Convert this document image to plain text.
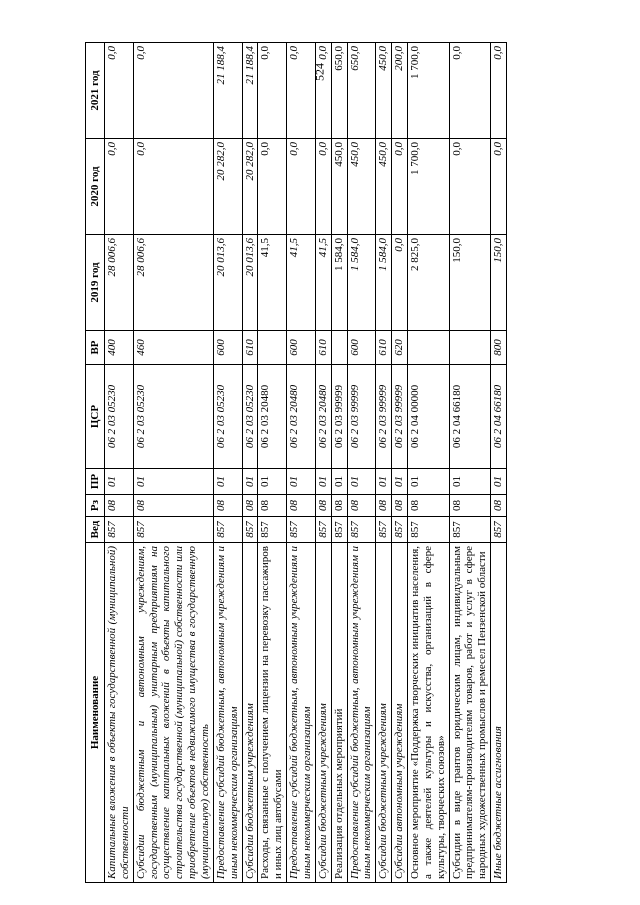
524
Наименование	Вед	Рз	ПР	ЦСР	ВР	2019 год	2020 год	2021 год
Капитальные вложения в объекты государственной (муниципальной) собственности	857	08	01	06 2 03 05230	400	28 006,6	0,0	0,0
Субсидии бюджетным и автономным учреждениям, государственным (муниципальным) унитарным предприятиям на осуществление капитальных вложений в объекты капитального строительства государственной (муниципальной) собственности или приобретение объектов недвижимого имущества в государственную (муниципальную) собственность	857	08	01	06 2 03 05230	460	28 006,6	0,0	0,0
Предоставление субсидий бюджетным, автономным учреждениям и иным некоммерческим организациям	857	08	01	06 2 03 05230	600	20 013,6	20 282,0	21 188,4
Субсидии бюджетным учреждениям	857	08	01	06 2 03 05230	610	20 013,6	20 282,0	21 188,4
Расходы, связанные с получением лицензии на перевозку пассажиров и иных лиц автобусами	857	08	01	06 2 03 20480		41,5	0,0	0,0
Предоставление субсидий бюджетным, автономным учреждениям и иным некоммерческим организациям	857	08	01	06 2 03 20480	600	41,5	0,0	0,0
Субсидии бюджетным учреждениям	857	08	01	06 2 03 20480	610	41,5	0,0	0,0
Реализация отдельных мероприятий	857	08	01	06 2 03 99999		1 584,0	450,0	650,0
Предоставление субсидий бюджетным, автономным учреждениям и иным некоммерческим организациям	857	08	01	06 2 03 99999	600	1 584,0	450,0	650,0
Субсидии бюджетным учреждениям	857	08	01	06 2 03 99999	610	1 584,0	450,0	450,0
Субсидии автономным учреждениям	857	08	01	06 2 03 99999	620	0,0	0,0	200,0
Основное мероприятие «Поддержка творческих инициатив населения, а также деятелей культуры и искусства, организаций в сфере культуры, творческих союзов»	857	08	01	06 2 04 00000		2 825,0	1 700,0	1 700,0
Субсидии в виде грантов юридическим лицам, индивидуальным предпринимателям-производителям товаров, работ и услуг в сфере народных художественных промыслов и ремесел Пензенской области	857	08	01	06 2 04 66180		150,0	0,0	0,0
Иные бюджетные ассигнования	857	08	01	06 2 04 66180	800	150,0	0,0	0,0
